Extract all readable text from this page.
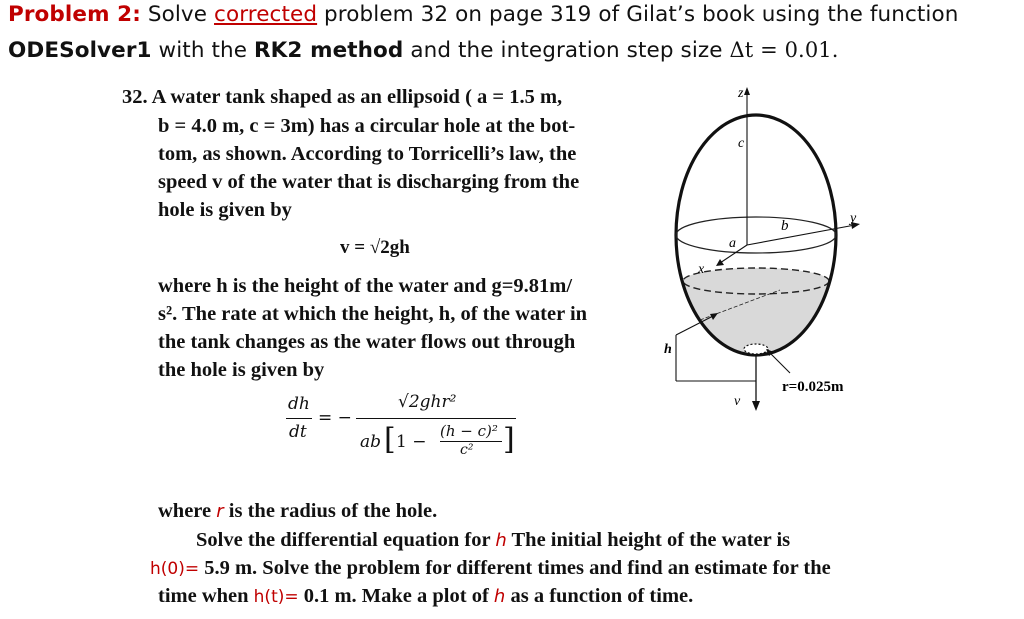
Problem 2: Solve corrected problem 32 on page 319 of Gilat’s book using the function
ODESolver1 with the RK2 method and the integration step size Δt = 0.01.
32. A water tank shaped as an ellipsoid ( a = 1.5 m,
b = 4.0 m, c = 3m) has a circular hole at the bot-
tom, as shown. According to Torricelli’s law, the
speed v of the water that is discharging from the
hole is given by
v = √2gh
where h is the height of the water and g=9.81m/
s². The rate at which the height, h, of the water in
the tank changes as the water flows out through
the hole is given by
dh
dt
= −
√2ghr²
ab [ 1 −
(h − c)²
c² ]
where r is the radius of the hole.
Solve the differential equation for h The initial height of the water is
h(0)= 5.9 m. Solve the problem for different times and find an estimate for the
time when h(t)= 0.1 m. Make a plot of h as a function of time.
z
c
b	y
a
x
h
v
r=0.025m
